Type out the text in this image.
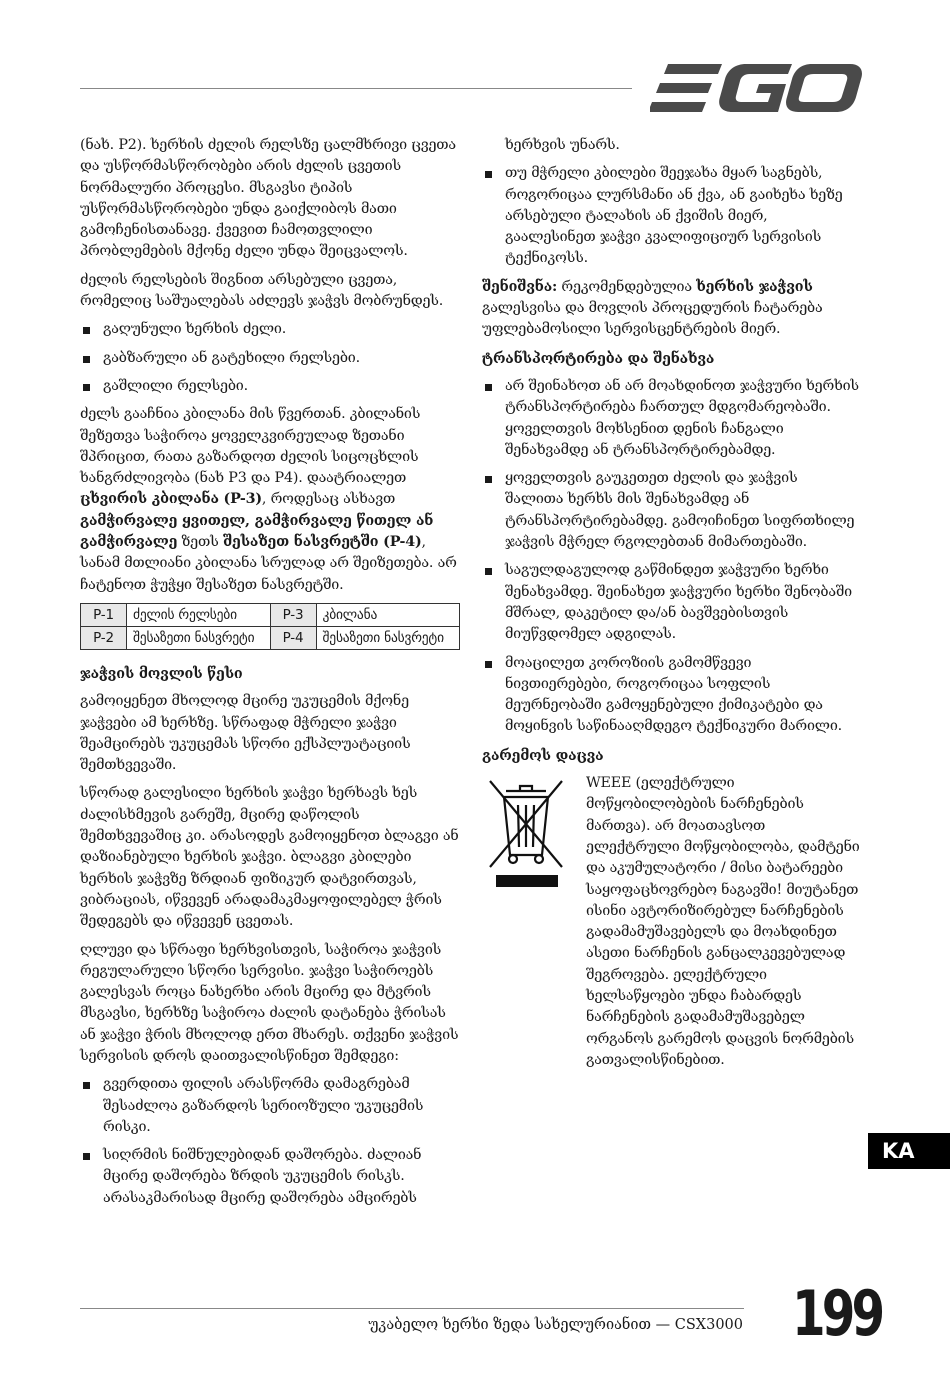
(ნახ. P2). ხერხის ძელის რელსზე ცალმხრივი ცვეთა და უსწორმასწორობები არის ძელის ცვეთის ნორმალური პროცესი. მსგავსი ტიპის უსწორმასწორობები უნდა გაიქლიბოს მათი გამოჩენისთანავე. ქვევით ჩამოთვლილი პრობლემების მქონე ძელი უნდა შეიცვალოს.

ძელის რელსების შიგნით არსებული ცვეთა, რომელიც საშუალებას აძლევს ჯაჭვს მობრუნდეს.

გაღუნული ხერხის ძელი.
გაბზარული ან გატეხილი რელსები.
გაშლილი რელსები.

ძელს გააჩნია კბილანა მის წვერთან. კბილანის შეზეთვა საჭიროა ყოველკვირეულად ზეთანი შპრიცით, რათა გაზარდოთ ძელის სიცოცხლის ხანგრძლივობა (ნახ P3 და P4). დაატრიალეთ ცხვირის კბილანა (P-3), როდესაც ასხავთ გამჭირვალე ყვითელ, გამჭირვალე წითელ ან გამჭირვალე ზეთს შესაზეთ ნასვრეტში (P-4), სანამ მთლიანი კბილანა სრულად არ შეიზეთება. არ ჩატენოთ ჭუჭყი შესაზეთ ნასვრეტში.

P-1	ძელის რელსები	P-3	კბილანა
P-2	შესაზეთი ნასვრეტი	P-4	შესაზეთი ნასვრეტი
ჯაჭვის მოვლის წესი

გამოიყენეთ მხოლოდ მცირე უკუცემის მქონე ჯაჭვები ამ ხერხზე. სწრაფად მჭრელი ჯაჭვი შეამცირებს უკუცემას სწორი ექსპლუატაციის შემთხვევაში.

სწორად გალესილი ხერხის ჯაჭვი ხერხავს ხეს ძალისხმევის გარეშე, მცირე დაწოლის შემთხვევაშიც კი. არასოდეს გამოიყენოთ ბლაგვი ან დაზიანებული ხერხის ჯაჭვი. ბლაგვი კბილები ხერხის ჯაჭვზე ზრდიან ფიზიკურ დატვირთვას, ვიბრაციას, იწვევენ არადამაკმაყოფილებელ ჭრის შედეგებს და იწვევენ ცვეთას.

ღლუვი და სწრაფი ხერხვისთვის, საჭიროა ჯაჭვის რეგულარული სწორი სერვისი. ჯაჭვი საჭიროებს გალესვას როცა ნახერხი არის მცირე და მტვრის მსგავსი, ხერხზე საჭიროა ძალის დატანება ჭრისას ან ჯაჭვი ჭრის მხოლოდ ერთ მხარეს. თქვენი ჯაჭვის სერვისის დროს დაითვალისწინეთ შემდეგი:

გვერდითა ფილის არასწორმა დამაგრებამ შესაძლოა გაზარდოს სერიოზული უკუცემის რისკი.
სიღრმის ნიშნულებიდან დაშორება. ძალიან მცირე დაშორება ზრდის უკუცემის რისკს. არასაკმარისად მცირე დაშორება ამცირებს

ხერხვის უნარს.

თუ მჭრელი კბილები შეეჯახა მყარ საგნებს, როგორიცაა ლურსმანი ან ქვა, ან გაიხეხა ხეზე არსებული ტალახის ან ქვიშის მიერ, გაალესინეთ ჯაჭვი კვალიფიციურ სერვისის ტექნიკოსს.

შენიშვნა: რეკომენდებულია ხერხის ჯაჭვის გალესვისა და მოვლის პროცედურის ჩატარება უფლებამოსილი სერვისცენტრების მიერ.

ტრანსპორტირება და შენახვა
არ შეინახოთ ან არ მოახდინოთ ჯაჭვური ხერხის ტრანსპორტირება ჩართულ მდგომარეობაში. ყოველთვის მოხსენით დენის ჩანგალი შენახვამდე ან ტრანსპორტირებამდე.
ყოველთვის გაუკეთეთ ძელის და ჯაჭვის შალითა ხერხს მის შენახვამდე ან ტრანსპორტირებამდე. გამოიჩინეთ სიფრთხილე ჯაჭვის მჭრელ რგოლებთან მიმართებაში.
საგულდაგულოდ გაწმინდეთ ჯაჭვური ხერხი შენახვამდე. შეინახეთ ჯაჭვური ხერხი შენობაში მშრალ, დაკეტილ და/ან ბავშვებისთვის მიუწვდომელ ადგილას.
მოაცილეთ კოროზიის გამომწვევი ნივთიერებები, როგორიცაა სოფლის მეურნეობაში გამოყენებული ქიმიკატები და მოყინვის საწინააღმდეგო ტექნიკური მარილი.
გარემოს დაცვა
WEEE (ელექტრული მოწყობილობების ნარჩენების მართვა). არ მოათავსოთ ელექტრული მოწყობილობა, დამტენი და აკუმულატორი / მისი ბატარეები საყოფაცხოვრებო ნაგავში! მიუტანეთ ისინი ავტორიზირებულ ნარჩენების გადამამუშავებელს და მოახდინეთ ასეთი ნარჩენის განცალკევებულად შეგროვება. ელექტრული ხელსაწყოები უნდა ჩაბარდეს ნარჩენების გადამამუშავებელ ორგანოს გარემოს დაცვის ნორმების გათვალისწინებით.
KA
უკაბელო ხერხი ზედა სახელურიანით — CSX3000 199
